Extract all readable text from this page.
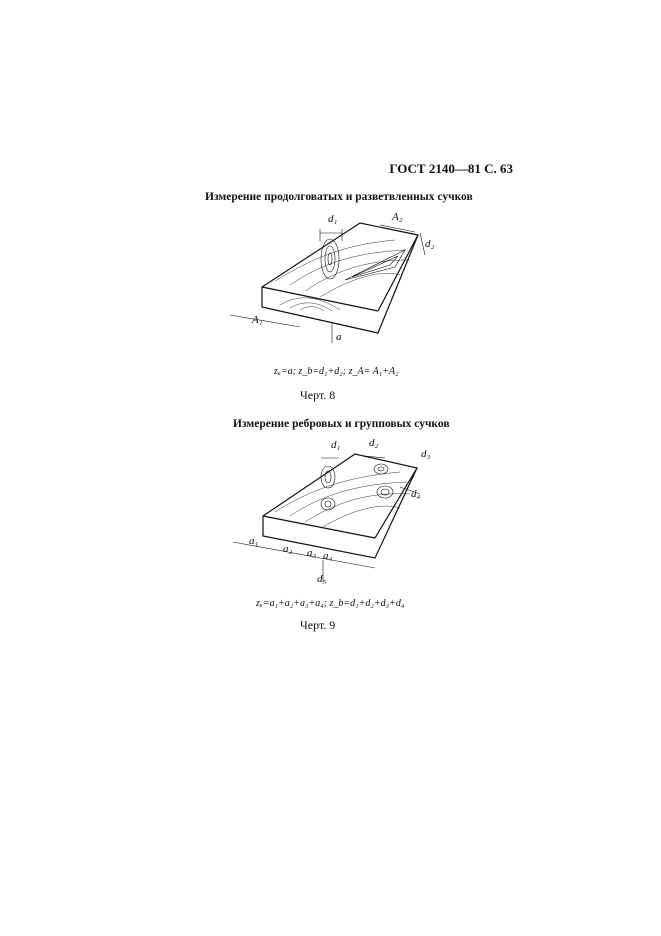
ГОСТ 2140—81 С. 63
Измерение продолговатых и разветвленных сучков
d₁	A₂
d₂
A₁
a
zₐ=a; z_b=d₁+d₂; z_A= A₁+A₂
Черт. 8
Измерение ребровых и групповых сучков
d₁	d₂
d₃
d₄
d₅
a₁
a₂ a₃ a₄
zₐ=a₁+a₂+a₃+a₄; z_b=d₁+d₂+d₃+d₄
Черт. 9
